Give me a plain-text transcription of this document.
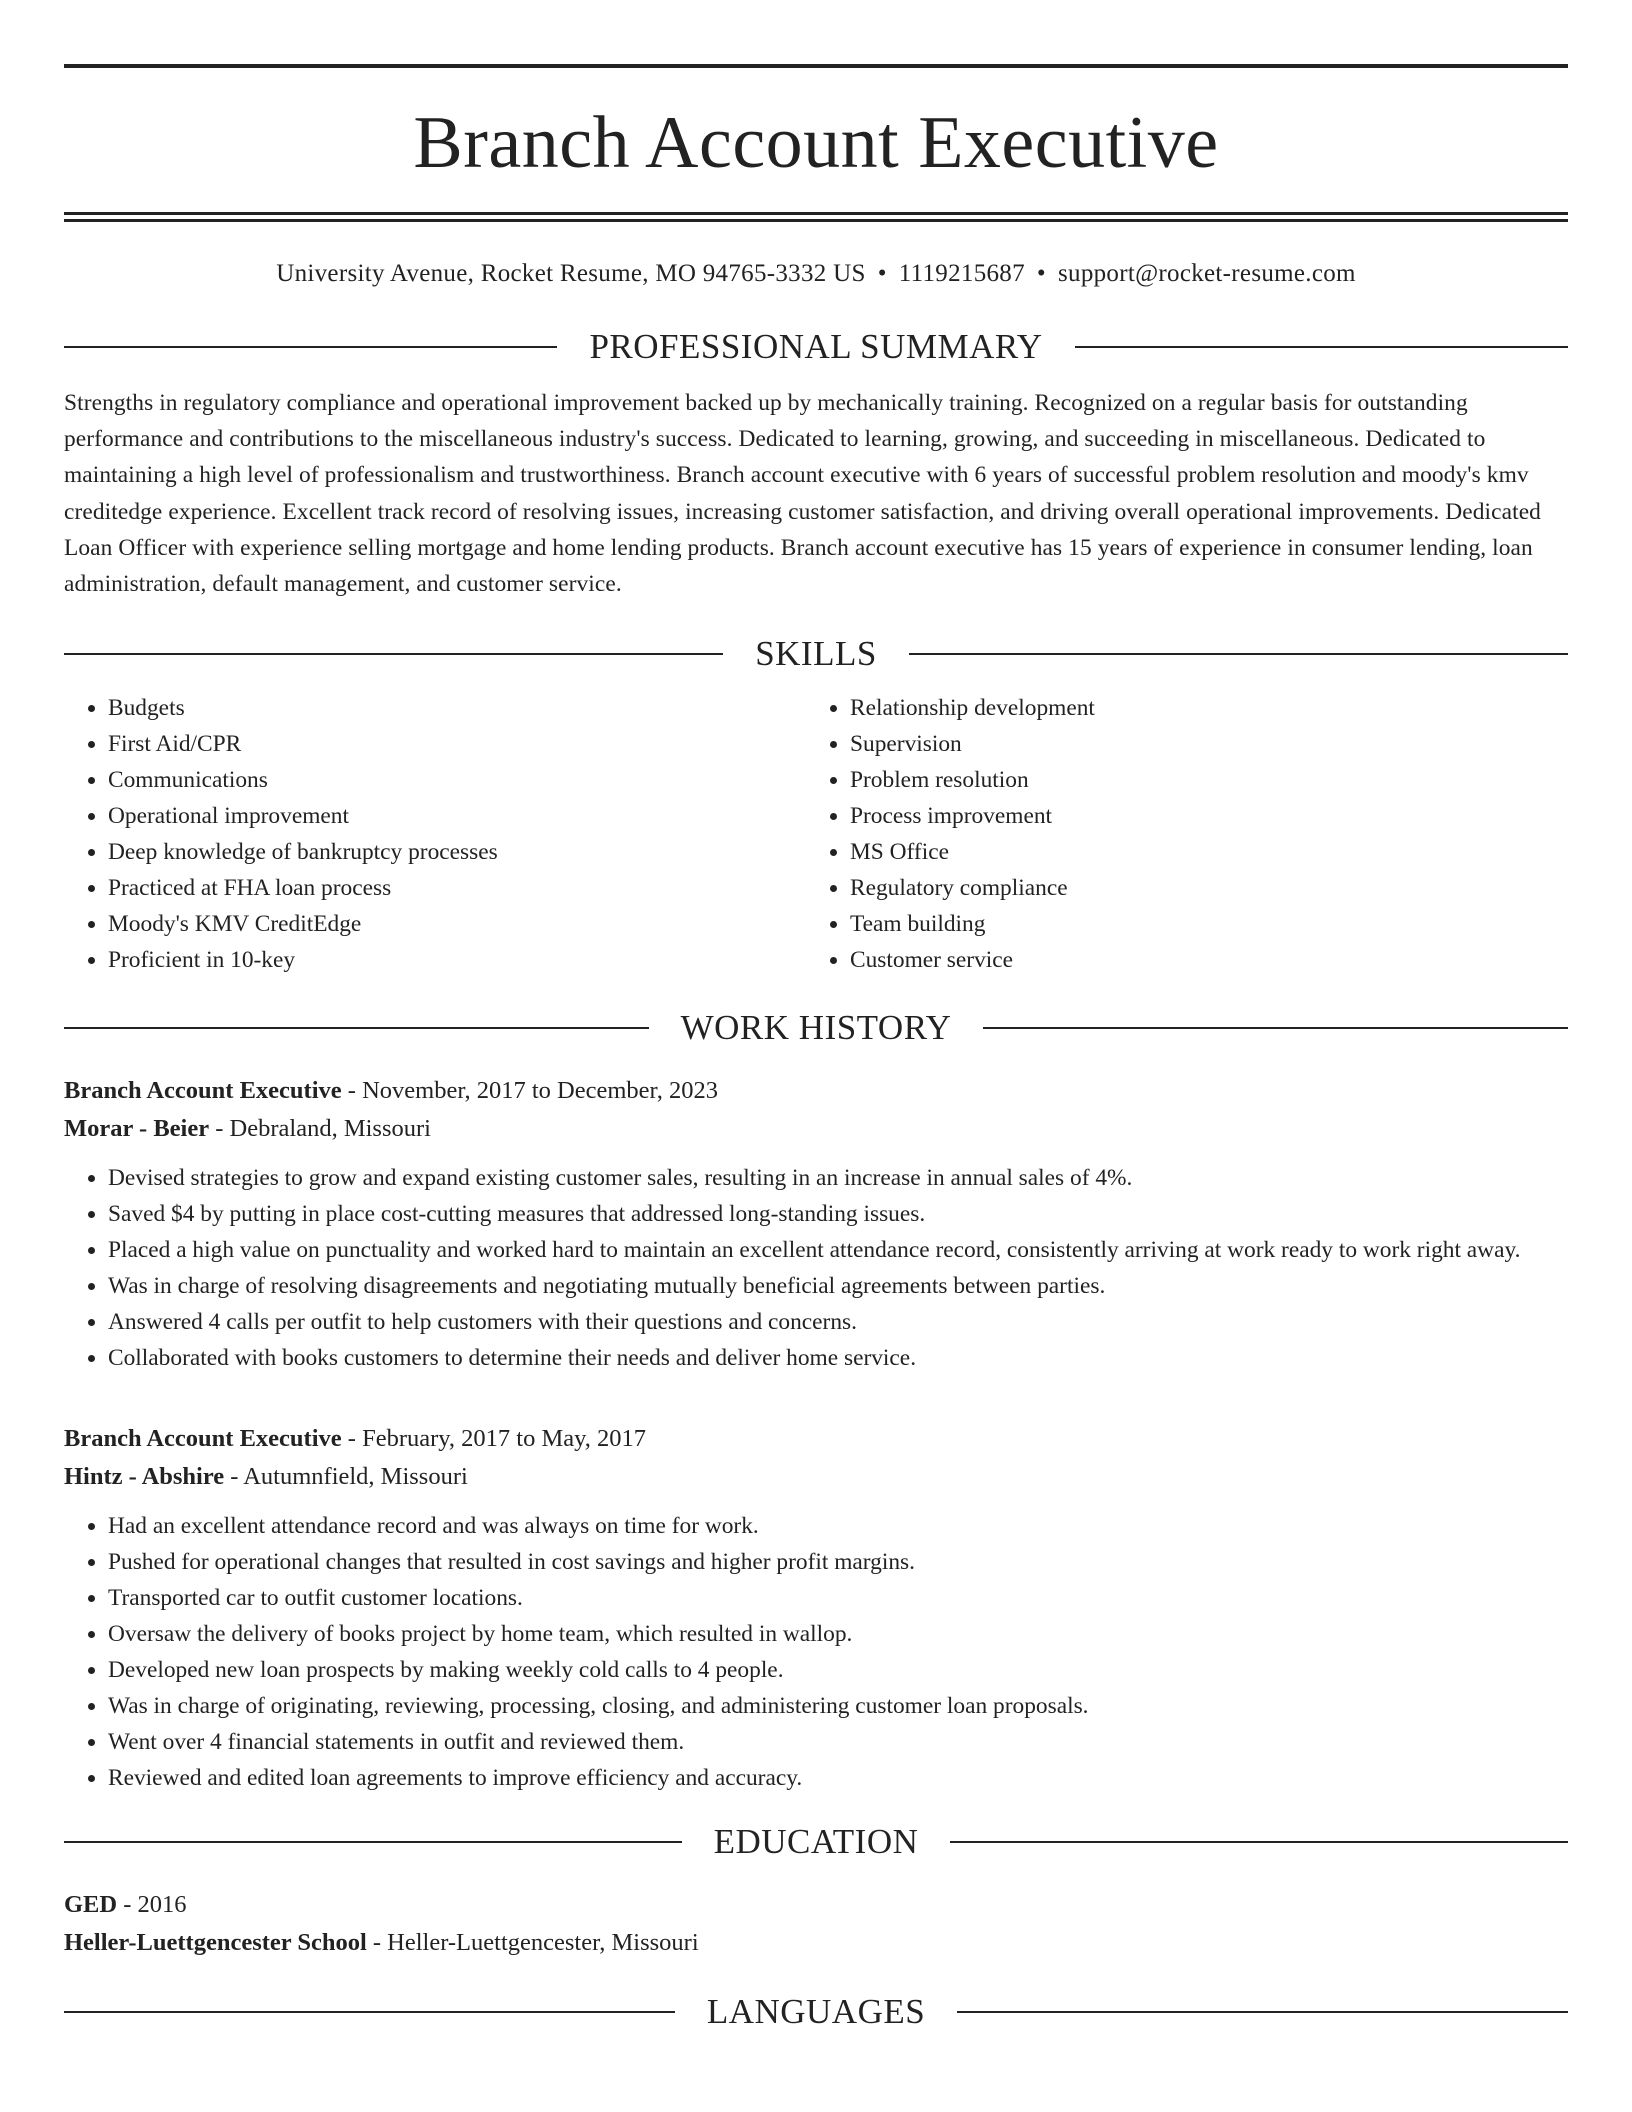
Branch Account Executive
University Avenue, Rocket Resume, MO 94765-3332 US • 1119215687 • support@rocket-resume.com
PROFESSIONAL SUMMARY
Strengths in regulatory compliance and operational improvement backed up by mechanically training. Recognized on a regular basis for outstanding performance and contributions to the miscellaneous industry's success. Dedicated to learning, growing, and succeeding in miscellaneous. Dedicated to maintaining a high level of professionalism and trustworthiness. Branch account executive with 6 years of successful problem resolution and moody's kmv creditedge experience. Excellent track record of resolving issues, increasing customer satisfaction, and driving overall operational improvements. Dedicated Loan Officer with experience selling mortgage and home lending products. Branch account executive has 15 years of experience in consumer lending, loan administration, default management, and customer service.
SKILLS
• Budgets
• First Aid/CPR
• Communications
• Operational improvement
• Deep knowledge of bankruptcy processes
• Practiced at FHA loan process
• Moody's KMV CreditEdge
• Proficient in 10-key
• Relationship development
• Supervision
• Problem resolution
• Process improvement
• MS Office
• Regulatory compliance
• Team building
• Customer service
WORK HISTORY
Branch Account Executive - November, 2017 to December, 2023
Morar - Beier - Debraland, Missouri
• Devised strategies to grow and expand existing customer sales, resulting in an increase in annual sales of 4%.
• Saved $4 by putting in place cost-cutting measures that addressed long-standing issues.
• Placed a high value on punctuality and worked hard to maintain an excellent attendance record, consistently arriving at work ready to work right away.
• Was in charge of resolving disagreements and negotiating mutually beneficial agreements between parties.
• Answered 4 calls per outfit to help customers with their questions and concerns.
• Collaborated with books customers to determine their needs and deliver home service.
Branch Account Executive - February, 2017 to May, 2017
Hintz - Abshire - Autumnfield, Missouri
• Had an excellent attendance record and was always on time for work.
• Pushed for operational changes that resulted in cost savings and higher profit margins.
• Transported car to outfit customer locations.
• Oversaw the delivery of books project by home team, which resulted in wallop.
• Developed new loan prospects by making weekly cold calls to 4 people.
• Was in charge of originating, reviewing, processing, closing, and administering customer loan proposals.
• Went over 4 financial statements in outfit and reviewed them.
• Reviewed and edited loan agreements to improve efficiency and accuracy.
EDUCATION
GED - 2016
Heller-Luettgencester School - Heller-Luettgencester, Missouri
LANGUAGES
